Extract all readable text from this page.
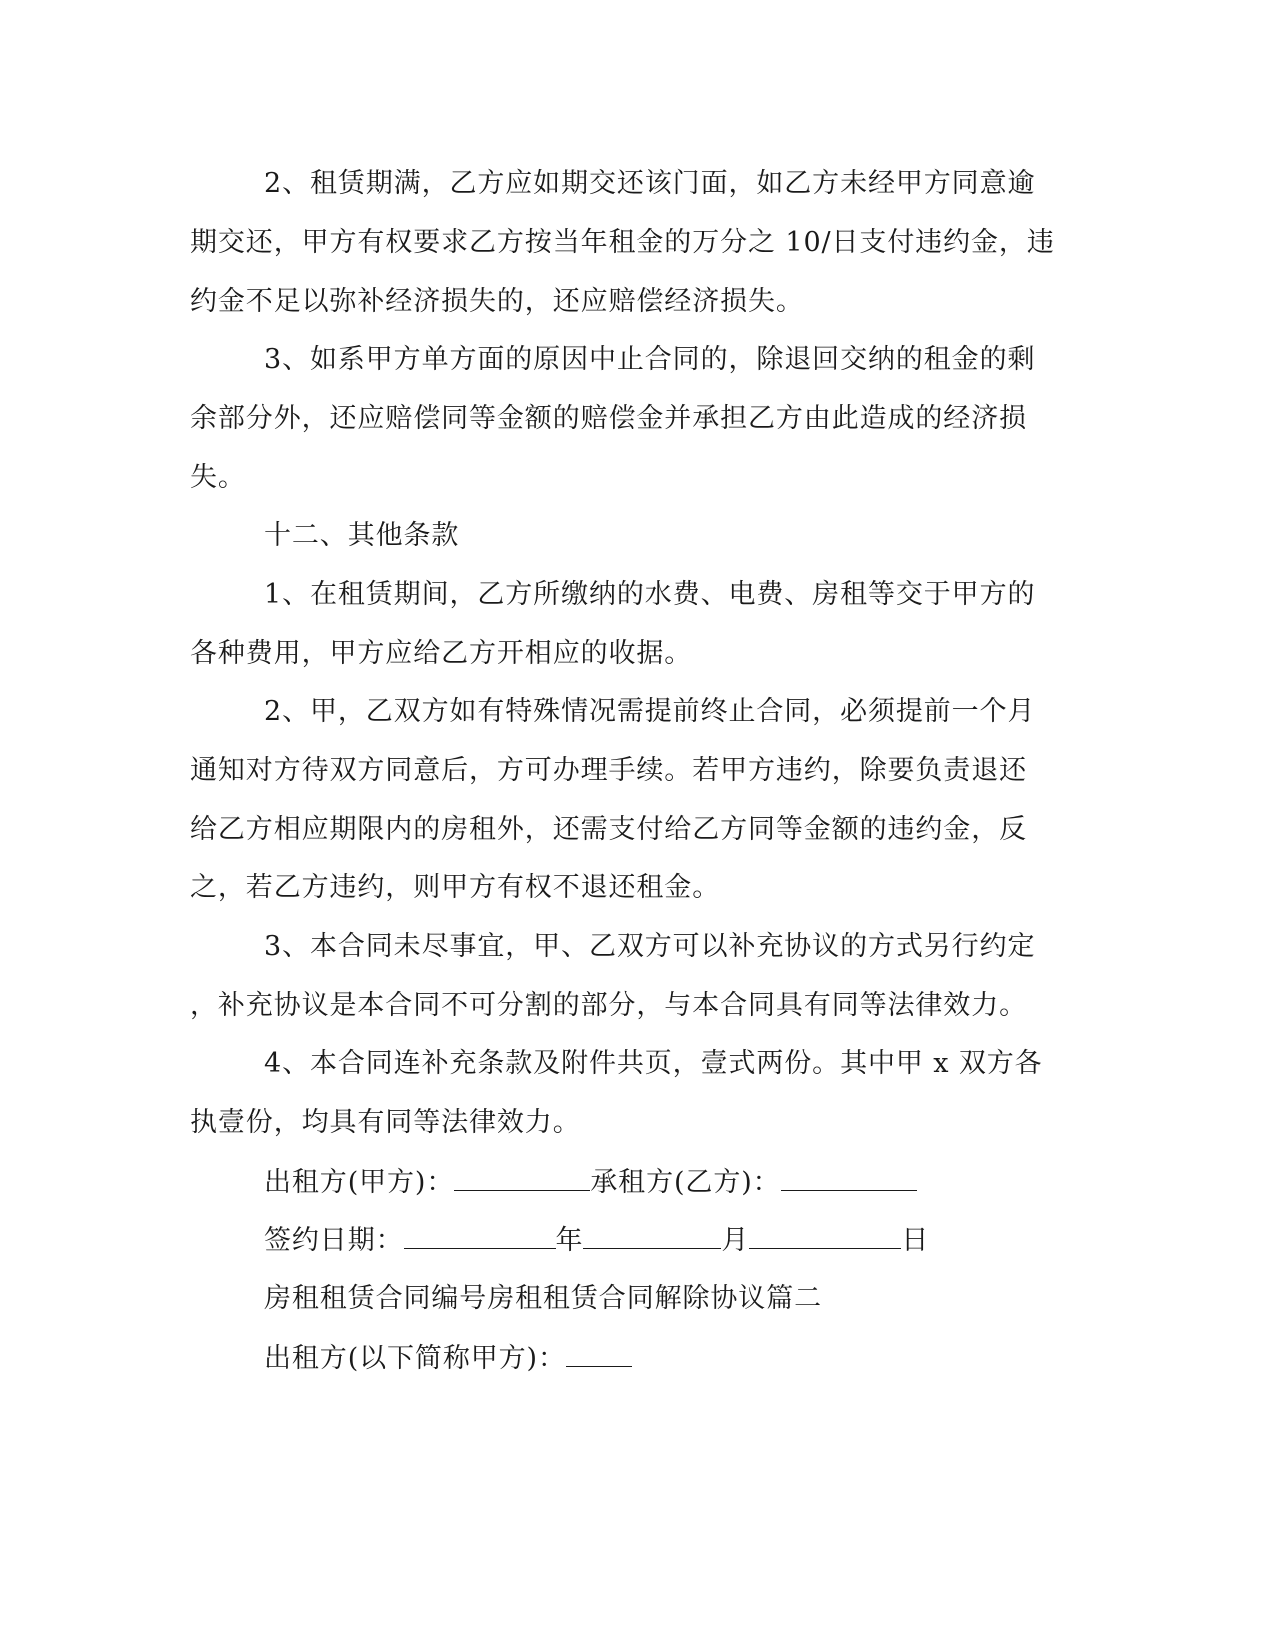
2、租赁期满，乙方应如期交还该门面，如乙方未经甲方同意逾
期交还，甲方有权要求乙方按当年租金的万分之 10/日支付违约金，违
约金不足以弥补经济损失的，还应赔偿经济损失。
3、如系甲方单方面的原因中止合同的，除退回交纳的租金的剩
余部分外，还应赔偿同等金额的赔偿金并承担乙方由此造成的经济损
失。
十二、其他条款
1、在租赁期间，乙方所缴纳的水费、电费、房租等交于甲方的
各种费用，甲方应给乙方开相应的收据。
2、甲，乙双方如有特殊情况需提前终止合同，必须提前一个月
通知对方待双方同意后，方可办理手续。若甲方违约，除要负责退还
给乙方相应期限内的房租外，还需支付给乙方同等金额的违约金，反
之，若乙方违约，则甲方有权不退还租金。
3、本合同未尽事宜，甲、乙双方可以补充协议的方式另行约定
，补充协议是本合同不可分割的部分，与本合同具有同等法律效力。
4、本合同连补充条款及附件共页，壹式两份。其中甲 x 双方各
执壹份，均具有同等法律效力。
出租方(甲方)：	承租方(乙方)：
签约日期：	年	月	日
房租租赁合同编号房租租赁合同解除协议篇二
出租方(以下简称甲方)：
